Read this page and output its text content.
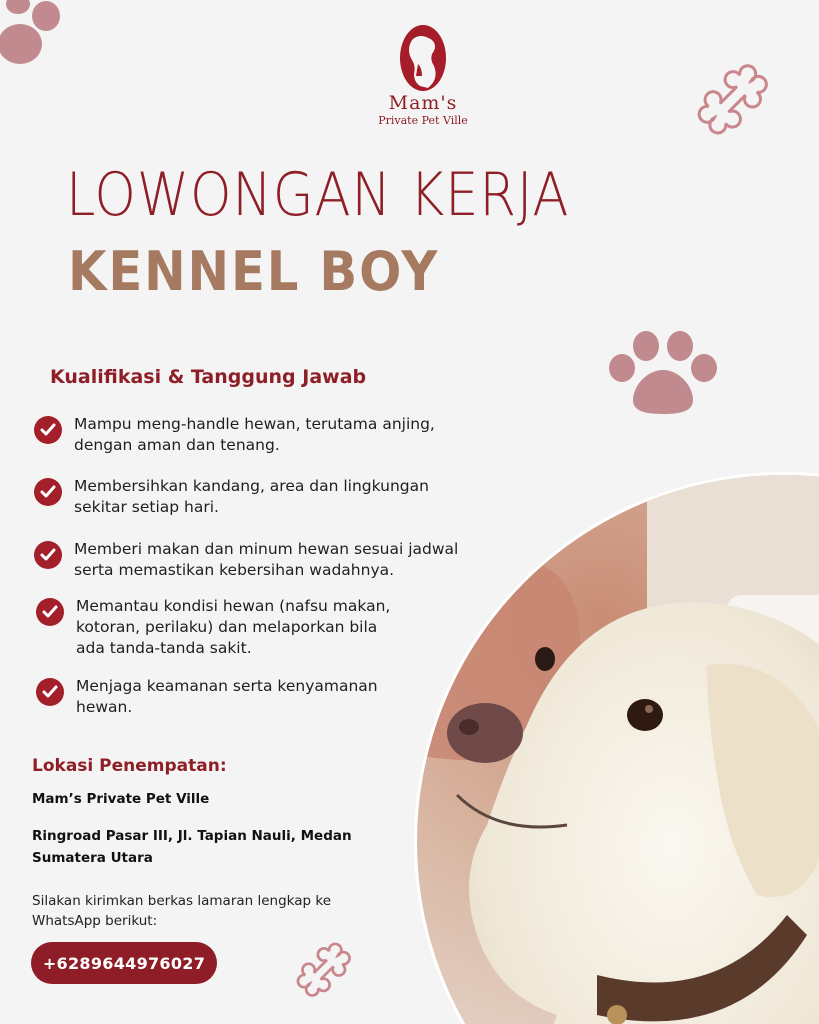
Mam's
Private Pet Ville
LOWONGAN KERJA
KENNEL BOY
Kualifikasi & Tanggung Jawab
Mampu meng-handle hewan, terutama anjing,
dengan aman dan tenang.
Membersihkan kandang, area dan lingkungan
sekitar setiap hari.
Memberi makan dan minum hewan sesuai jadwal
serta memastikan kebersihan wadahnya.
Memantau kondisi hewan (nafsu makan,
kotoran, perilaku) dan melaporkan bila
ada tanda-tanda sakit.
Menjaga keamanan serta kenyamanan
hewan.
Lokasi Penempatan:
Mam’s Private Pet Ville
Ringroad Pasar III, Jl. Tapian Nauli, Medan
Sumatera Utara
Silakan kirimkan berkas lamaran lengkap ke
WhatsApp berikut:
+6289644976027
